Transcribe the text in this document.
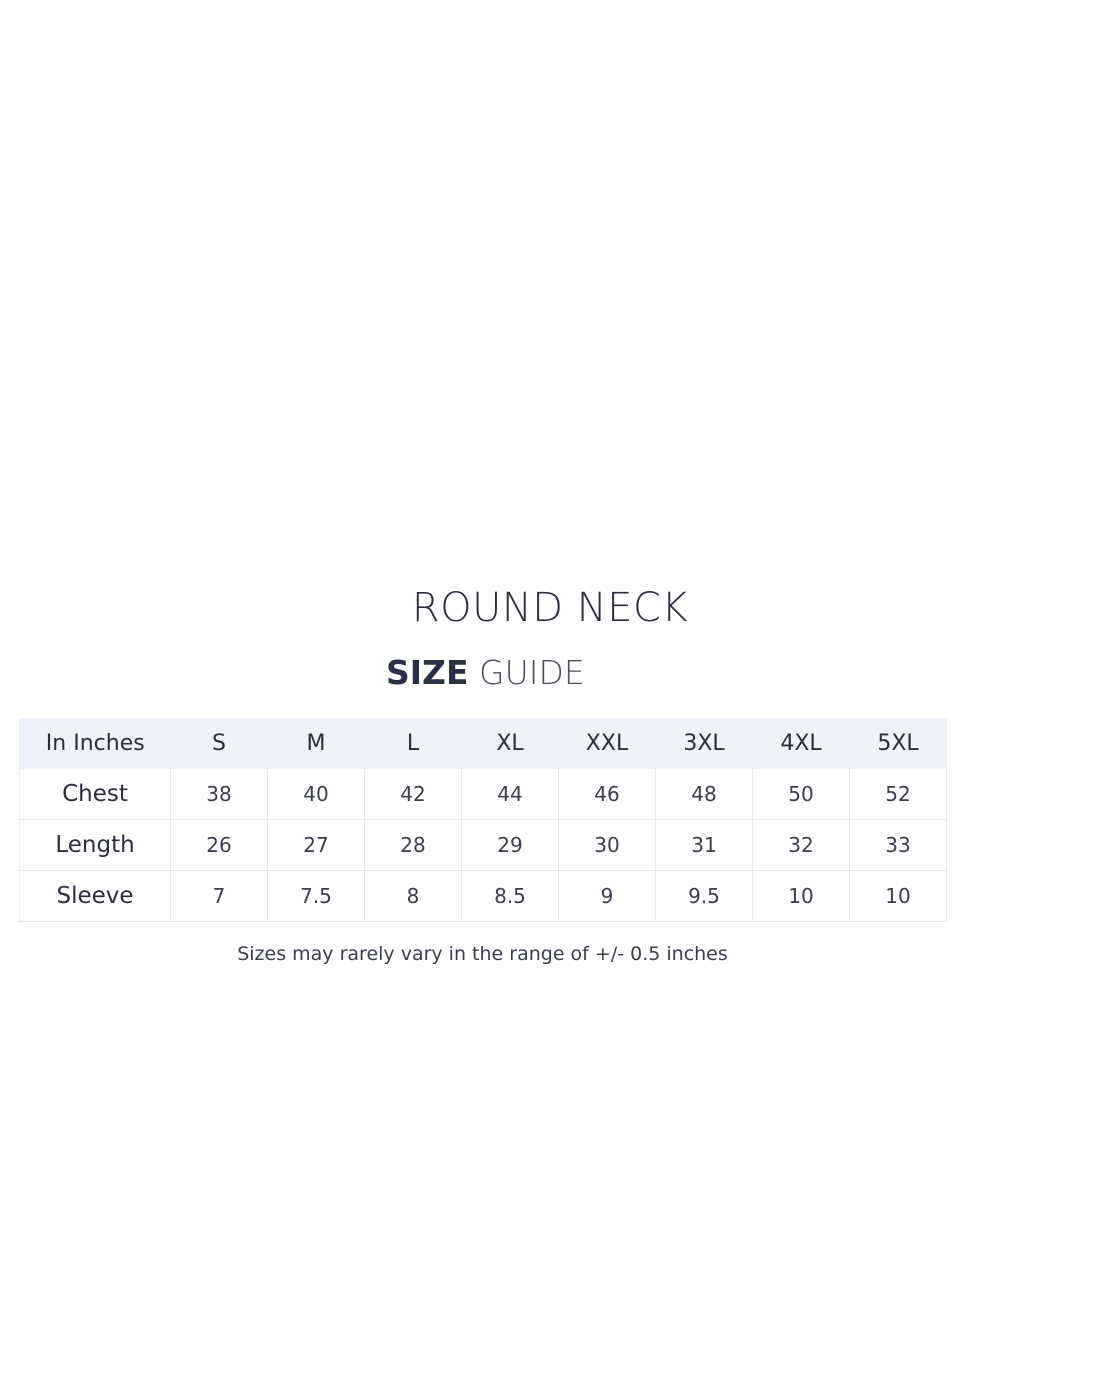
ROUND NECK
SIZE GUIDE
In Inches	S	M	L	XL	XXL	3XL	4XL	5XL
Chest	38	40	42	44	46	48	50	52
Length	26	27	28	29	30	31	32	33
Sleeve	7	7.5	8	8.5	9	9.5	10	10
Sizes may rarely vary in the range of +/- 0.5 inches
